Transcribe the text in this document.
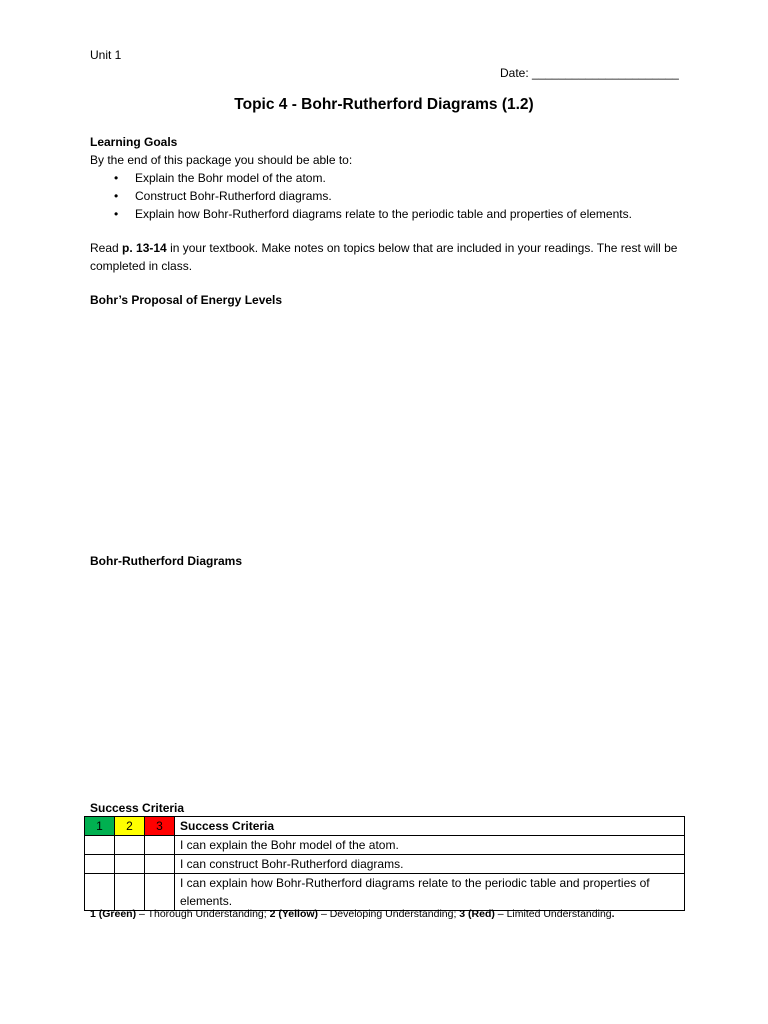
Unit 1
Date: ______________________
Topic 4 - Bohr-Rutherford Diagrams (1.2)
Learning Goals
By the end of this package you should be able to:
• Explain the Bohr model of the atom.
• Construct Bohr-Rutherford diagrams.
• Explain how Bohr-Rutherford diagrams relate to the periodic table and properties of elements.
Read p. 13-14 in your textbook. Make notes on topics below that are included in your readings. The rest will be completed in class.
Bohr’s Proposal of Energy Levels
Bohr-Rutherford Diagrams
Success Criteria
1	2	3	Success Criteria
			I can explain the Bohr model of the atom.
			I can construct Bohr-Rutherford diagrams.
			I can explain how Bohr-Rutherford diagrams relate to the periodic table and properties of elements.
1 (Green) – Thorough Understanding; 2 (Yellow) – Developing Understanding; 3 (Red) – Limited Understanding.
